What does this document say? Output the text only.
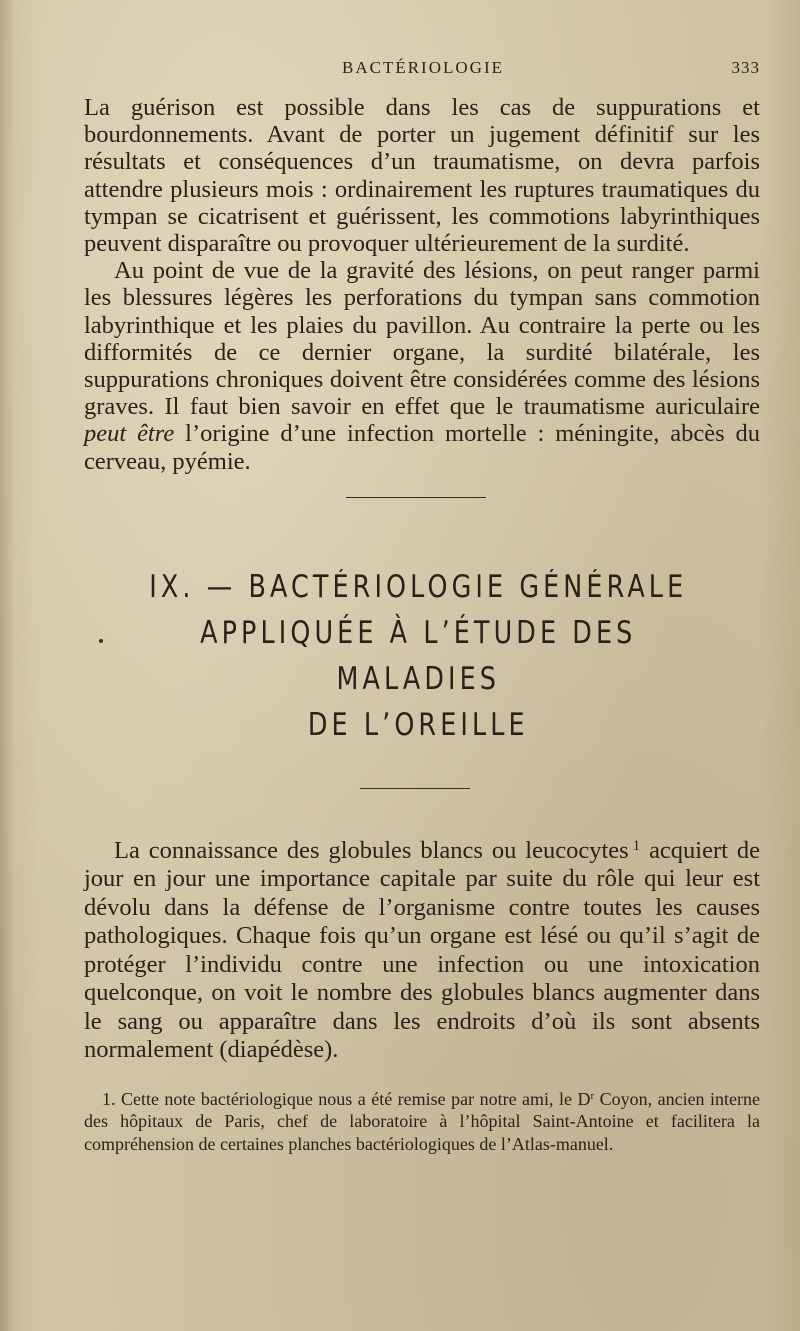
BACTÉRIOLOGIE	333

La guérison est possible dans les cas de suppurations et bourdonnements. Avant de porter un jugement définitif sur les résultats et conséquences d’un traumatisme, on devra parfois attendre plusieurs mois : ordinairement les ruptures traumatiques du tympan se cicatrisent et guérissent, les commotions labyrinthiques peuvent disparaître ou provoquer ultérieurement de la surdité.

Au point de vue de la gravité des lésions, on peut ranger parmi les blessures légères les perforations du tympan sans commotion labyrinthique et les plaies du pavillon. Au contraire la perte ou les difformités de ce dernier organe, la surdité bilatérale, les suppurations chroniques doivent être considérées comme des lésions graves. Il faut bien savoir en effet que le traumatisme auriculaire peut être l’origine d’une infection mortelle : méningite, abcès du cerveau, pyémie.

IX. — BACTÉRIOLOGIE GÉNÉRALE
APPLIQUÉE À L’ÉTUDE DES MALADIES
DE L’OREILLE

La connaissance des globules blancs ou leucocytes $^1$ acquiert de jour en jour une importance capitale par suite du rôle qui leur est dévolu dans la défense de l’organisme contre toutes les causes pathologiques. Chaque fois qu’un organe est lésé ou qu’il s’agit de protéger l’individu contre une infection ou une intoxication quelconque, on voit le nombre des globules blancs augmenter dans le sang ou apparaître dans les endroits d’où ils sont absents normalement (diapédèse).

1. Cette note bactériologique nous a été remise par notre ami, le $D^r$ Coyon, ancien interne des hôpitaux de Paris, chef de laboratoire à l’hôpital Saint-Antoine et facilitera la compréhension de certaines planches bactériologiques de l’Atlas-manuel.
